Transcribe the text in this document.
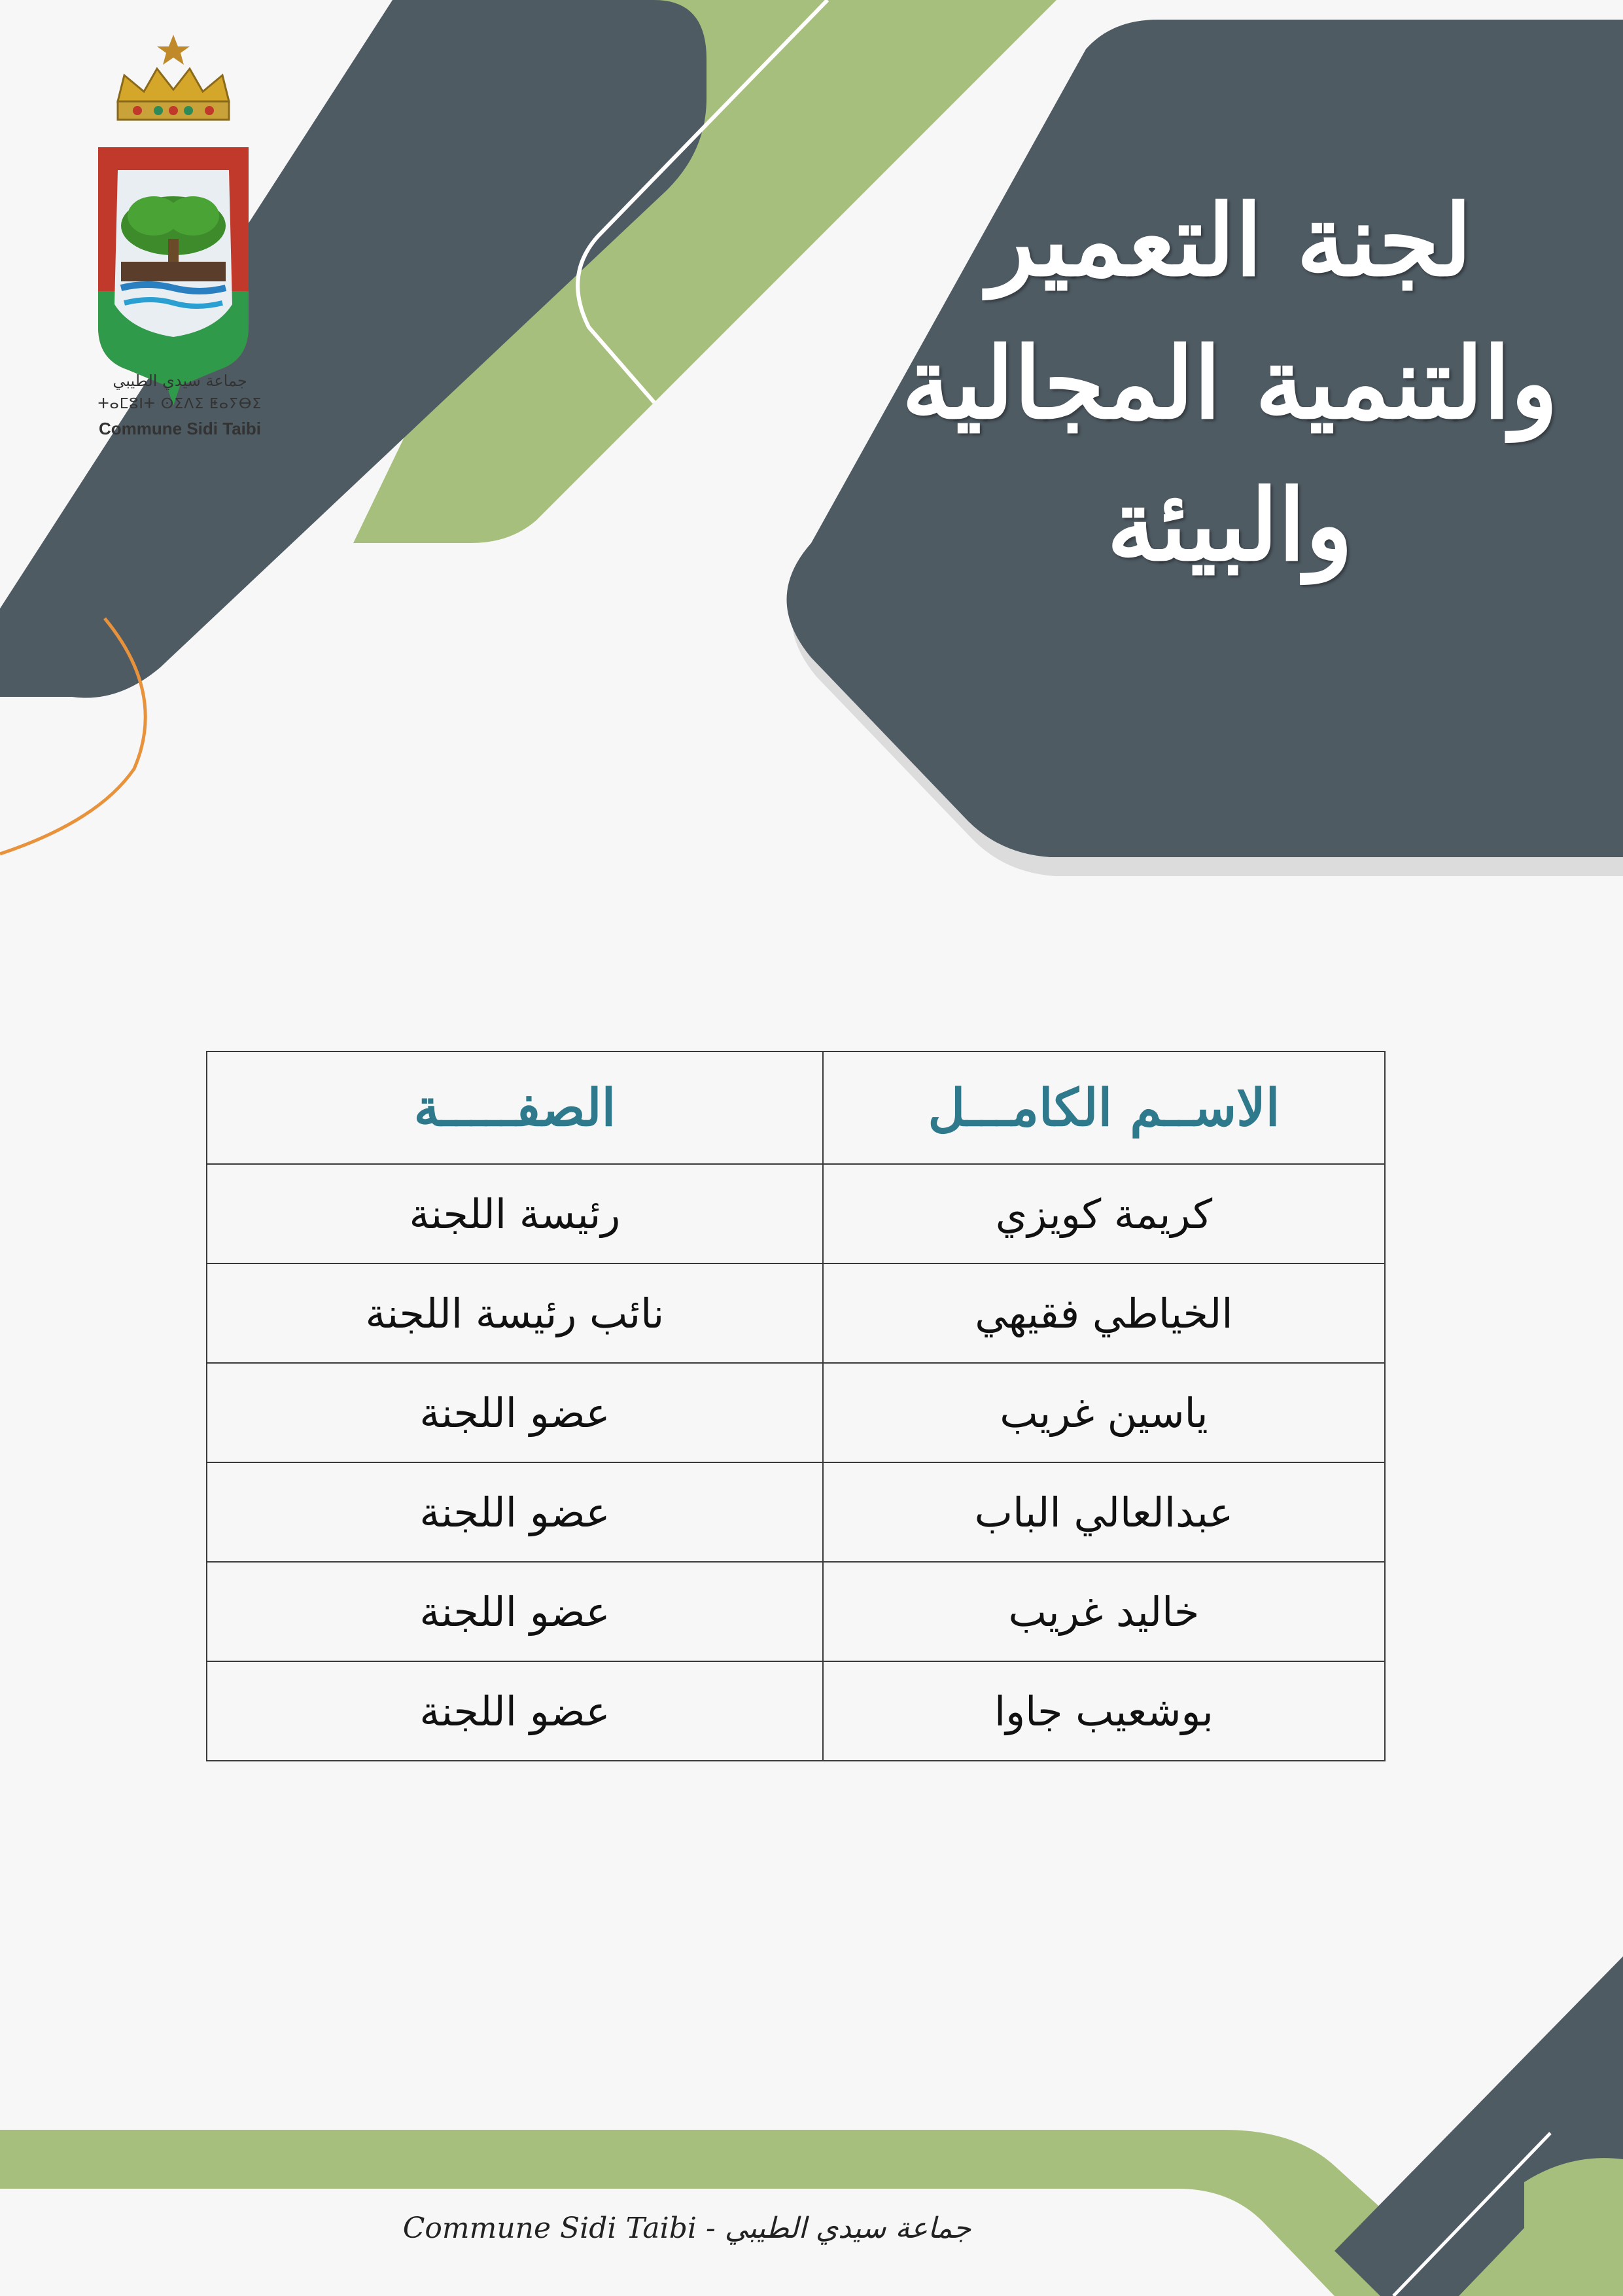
جماعة سيدي الطيبي
ⵜⴰⵎⵓⵏⵜ ⵙⵉⴷⵉ ⵟⴰⵢⴱⵉ
Commune Sidi Taibi
لجنة التعمير
والتنمية المجالية
والبيئة
الاســم الكامـــل	الصفـــــة
كريمة كويزي	رئيسة اللجنة
الخياطي فقيهي	نائب رئيسة اللجنة
ياسين غريب	عضو اللجنة
عبدالعالي الباب	عضو اللجنة
خاليد غريب	عضو اللجنة
بوشعيب جاوا	عضو اللجنة
Commune Sidi Taibi - جماعة سيدي الطيبي
